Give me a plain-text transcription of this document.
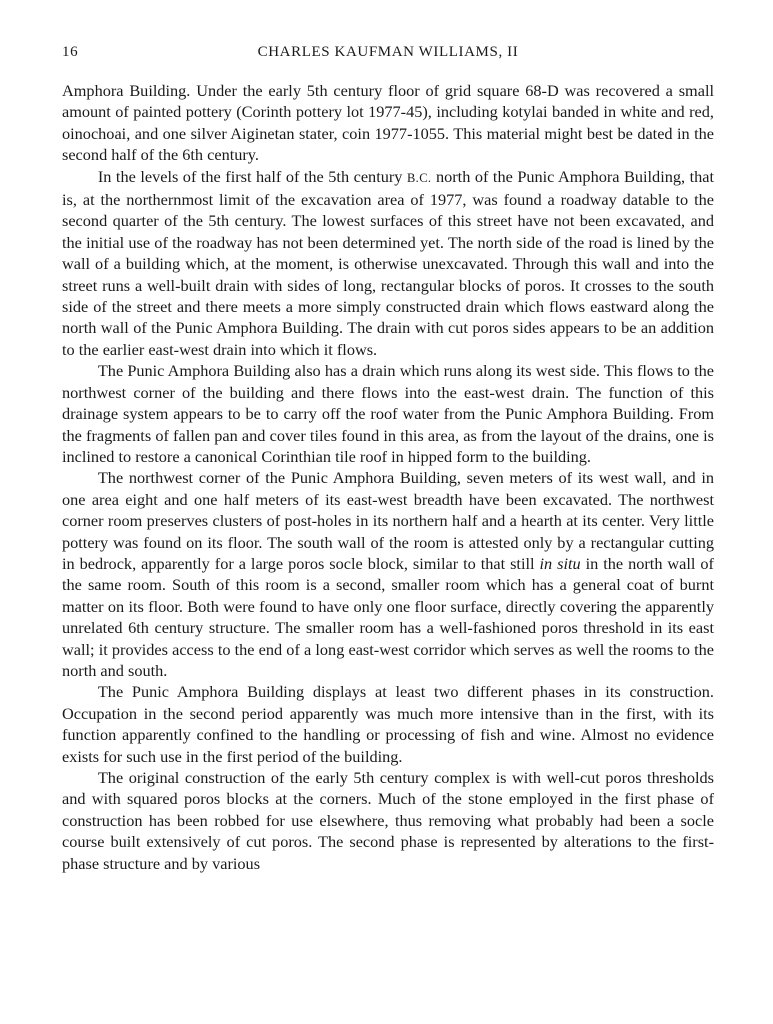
16	CHARLES KAUFMAN WILLIAMS, II

Amphora Building. Under the early 5th century floor of grid square 68-D was recovered a small amount of painted pottery (Corinth pottery lot 1977-45), including kotylai banded in white and red, oinochoai, and one silver Aiginetan stater, coin 1977-1055. This material might best be dated in the second half of the 6th century.

In the levels of the first half of the 5th century B.C. north of the Punic Amphora Building, that is, at the northernmost limit of the excavation area of 1977, was found a roadway datable to the second quarter of the 5th century. The lowest surfaces of this street have not been excavated, and the initial use of the roadway has not been determined yet. The north side of the road is lined by the wall of a building which, at the moment, is otherwise unexcavated. Through this wall and into the street runs a well-built drain with sides of long, rectangular blocks of poros. It crosses to the south side of the street and there meets a more simply constructed drain which flows eastward along the north wall of the Punic Amphora Building. The drain with cut poros sides appears to be an addition to the earlier east-west drain into which it flows.

The Punic Amphora Building also has a drain which runs along its west side. This flows to the northwest corner of the building and there flows into the east-west drain. The function of this drainage system appears to be to carry off the roof water from the Punic Amphora Building. From the fragments of fallen pan and cover tiles found in this area, as from the layout of the drains, one is inclined to restore a canonical Corinthian tile roof in hipped form to the building.

The northwest corner of the Punic Amphora Building, seven meters of its west wall, and in one area eight and one half meters of its east-west breadth have been excavated. The northwest corner room preserves clusters of post-holes in its northern half and a hearth at its center. Very little pottery was found on its floor. The south wall of the room is attested only by a rectangular cutting in bedrock, apparently for a large poros socle block, similar to that still in situ in the north wall of the same room. South of this room is a second, smaller room which has a general coat of burnt matter on its floor. Both were found to have only one floor surface, directly covering the apparently unrelated 6th century structure. The smaller room has a well-fashioned poros threshold in its east wall; it provides access to the end of a long east-west corridor which serves as well the rooms to the north and south.

The Punic Amphora Building displays at least two different phases in its construction. Occupation in the second period apparently was much more intensive than in the first, with its function apparently confined to the handling or processing of fish and wine. Almost no evidence exists for such use in the first period of the building.

The original construction of the early 5th century complex is with well-cut poros thresholds and with squared poros blocks at the corners. Much of the stone employed in the first phase of construction has been robbed for use elsewhere, thus removing what probably had been a socle course built extensively of cut poros. The second phase is represented by alterations to the first-phase structure and by various
